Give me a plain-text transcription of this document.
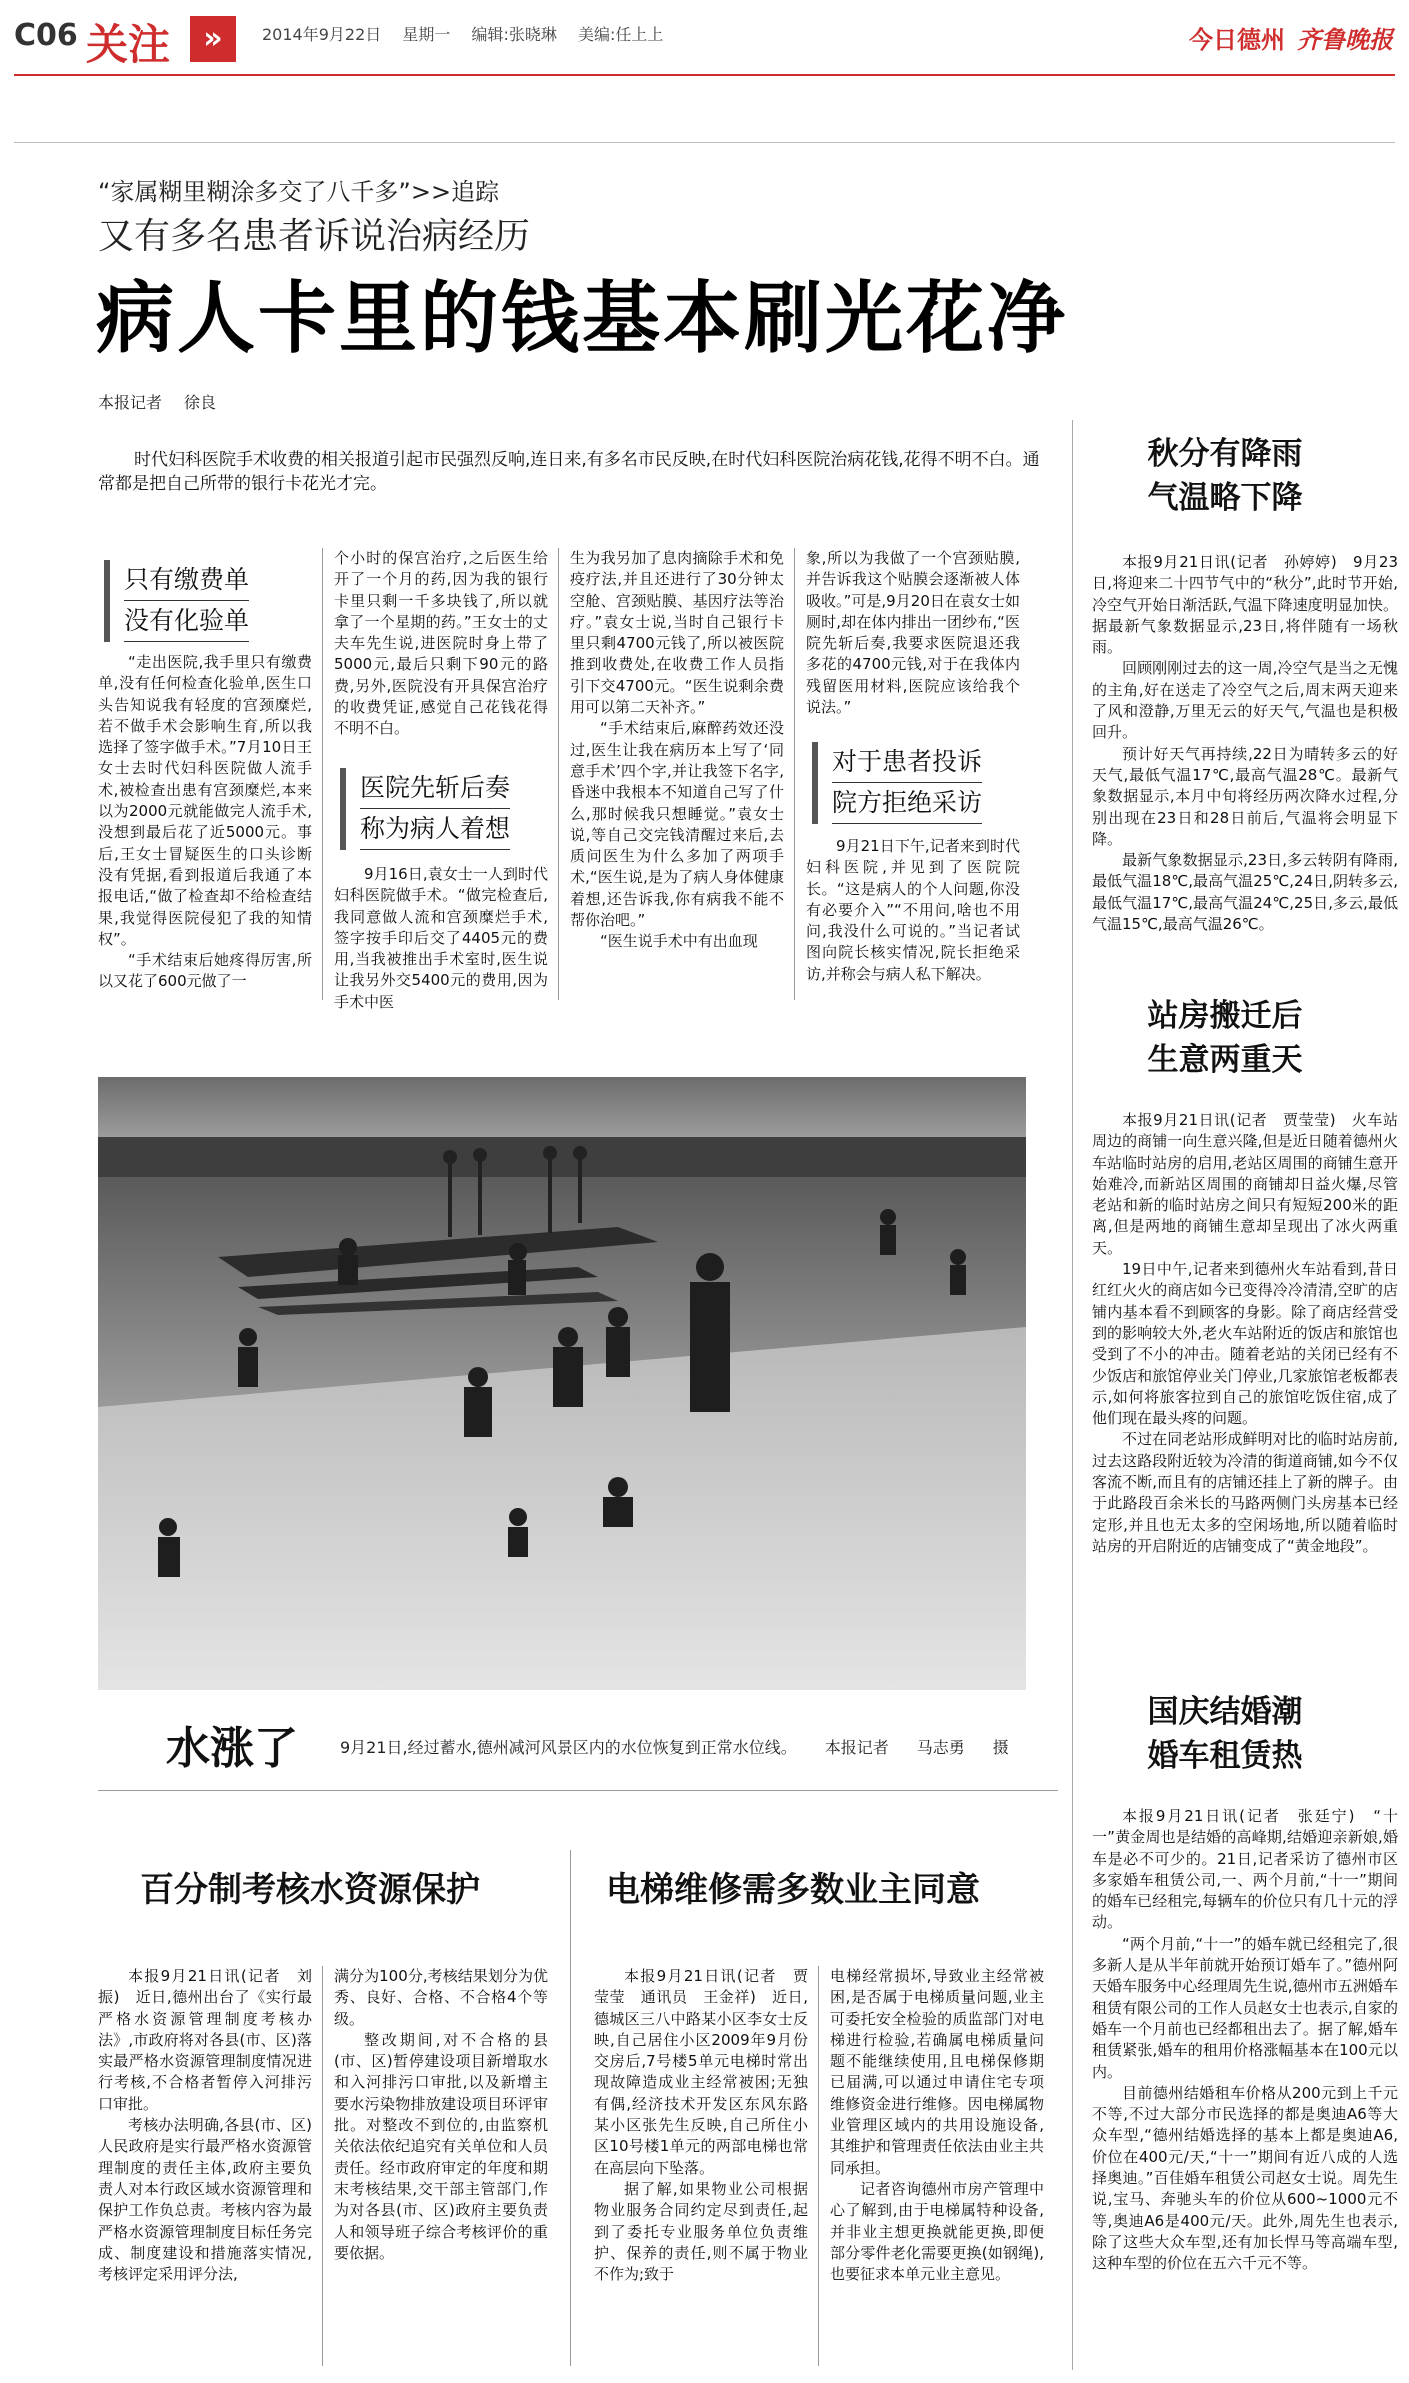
C06 关注	»	2014年9月22日 星期一 编辑:张晓琳 美编:任上上	今日德州 齐鲁晚报
“家属糊里糊涂多交了八千多”>>追踪
又有多名患者诉说治病经历
病人卡里的钱基本刷光花净
本报记者 徐良
时代妇科医院手术收费的相关报道引起市民强烈反响,连日来,有多名市民反映,在时代妇科医院治病花钱,花得不明不白。通常都是把自己所带的银行卡花光才完。
只有缴费单
没有化验单

“走出医院,我手里只有缴费单,没有任何检查化验单,医生口头告知说我有轻度的宫颈糜烂,若不做手术会影响生育,所以我选择了签字做手术。”7月10日王女士去时代妇科医院做人流手术,被检查出患有宫颈糜烂,本来以为2000元就能做完人流手术,没想到最后花了近5000元。事后,王女士冒疑医生的口头诊断没有凭据,看到报道后我通了本报电话,“做了检查却不给检查结果,我觉得医院侵犯了我的知情权”。

“手术结束后她疼得厉害,所以又花了600元做了一

个小时的保宫治疗,之后医生给开了一个月的药,因为我的银行卡里只剩一千多块钱了,所以就拿了一个星期的药。”王女士的丈夫车先生说,进医院时身上带了5000元,最后只剩下90元的路费,另外,医院没有开具保宫治疗的收费凭证,感觉自己花钱花得不明不白。

医院先斩后奏
称为病人着想

9月16日,袁女士一人到时代妇科医院做手术。“做完检查后,我同意做人流和宫颈糜烂手术,签字按手印后交了4405元的费用,当我被推出手术室时,医生说让我另外交5400元的费用,因为手术中医

生为我另加了息肉摘除手术和免疫疗法,并且还进行了30分钟太空舱、宫颈贴膜、基因疗法等治疗。”袁女士说,当时自己银行卡里只剩4700元钱了,所以被医院推到收费处,在收费工作人员指引下交4700元。“医生说剩余费用可以第二天补齐。”

“手术结束后,麻醉药效还没过,医生让我在病历本上写了‘同意手术’四个字,并让我签下名字,昏迷中我根本不知道自己写了什么,那时候我只想睡觉。”袁女士说,等自己交完钱清醒过来后,去质问医生为什么多加了两项手术,“医生说,是为了病人身体健康着想,还告诉我,你有病我不能不帮你治吧。”

“医生说手术中有出血现

象,所以为我做了一个宫颈贴膜,并告诉我这个贴膜会逐渐被人体吸收。”可是,9月20日在袁女士如厕时,却在体内排出一团纱布,“医院先斩后奏,我要求医院退还我多花的4700元钱,对于在我体内残留医用材料,医院应该给我个说法。”

对于患者投诉
院方拒绝采访

9月21日下午,记者来到时代妇科医院,并见到了医院院长。“这是病人的个人问题,你没有必要介入”“不用问,啥也不用问,我没什么可说的。”当记者试图向院长核实情况,院长拒绝采访,并称会与病人私下解决。

水涨了	9月21日,经过蓄水,德州减河风景区内的水位恢复到正常水位线。 本报记者 马志勇 摄
秋分有降雨
气温略下降

本报9月21日讯(记者　孙婷婷)　9月23日,将迎来二十四节气中的“秋分”,此时节开始,冷空气开始日渐活跃,气温下降速度明显加快。据最新气象数据显示,23日,将伴随有一场秋雨。

回顾刚刚过去的这一周,冷空气是当之无愧的主角,好在送走了冷空气之后,周末两天迎来了风和澄静,万里无云的好天气,气温也是积极回升。

预计好天气再持续,22日为晴转多云的好天气,最低气温17℃,最高气温28℃。最新气象数据显示,本月中旬将经历两次降水过程,分别出现在23日和28日前后,气温将会明显下降。

最新气象数据显示,23日,多云转阴有降雨,最低气温18℃,最高气温25℃,24日,阴转多云,最低气温17℃,最高气温24℃,25日,多云,最低气温15℃,最高气温26℃。

站房搬迁后
生意两重天

本报9月21日讯(记者　贾莹莹)　火车站周边的商铺一向生意兴隆,但是近日随着德州火车站临时站房的启用,老站区周围的商铺生意开始难冷,而新站区周围的商铺却日益火爆,尽管老站和新的临时站房之间只有短短200米的距离,但是两地的商铺生意却呈现出了冰火两重天。

19日中午,记者来到德州火车站看到,昔日红红火火的商店如今已变得冷冷清清,空旷的店铺内基本看不到顾客的身影。除了商店经营受到的影响较大外,老火车站附近的饭店和旅馆也受到了不小的冲击。随着老站的关闭已经有不少饭店和旅馆停业关门停业,几家旅馆老板都表示,如何将旅客拉到自己的旅馆吃饭住宿,成了他们现在最头疼的问题。

不过在同老站形成鲜明对比的临时站房前,过去这路段附近较为冷清的街道商铺,如今不仅客流不断,而且有的店铺还挂上了新的牌子。由于此路段百余米长的马路两侧门头房基本已经定形,并且也无太多的空闲场地,所以随着临时站房的开启附近的店铺变成了“黄金地段”。

国庆结婚潮
婚车租赁热

本报9月21日讯(记者　张廷宁)　“十一”黄金周也是结婚的高峰期,结婚迎亲新娘,婚车是必不可少的。21日,记者采访了德州市区多家婚车租赁公司,一、两个月前,“十一”期间的婚车已经租完,每辆车的价位只有几十元的浮动。

“两个月前,“十一”的婚车就已经租完了,很多新人是从半年前就开始预订婚车了。”德州阿天婚车服务中心经理周先生说,德州市五洲婚车租赁有限公司的工作人员赵女士也表示,自家的婚车一个月前也已经都租出去了。据了解,婚车租赁紧张,婚车的租用价格涨幅基本在100元以内。

目前德州结婚租车价格从200元到上千元不等,不过大部分市民选择的都是奥迪A6等大众车型,“德州结婚选择的基本上都是奥迪A6,价位在400元/天,“十一”期间有近八成的人选择奥迪。”百佳婚车租赁公司赵女士说。周先生说,宝马、奔驰头车的价位从600~1000元不等,奥迪A6是400元/天。此外,周先生也表示,除了这些大众车型,还有加长悍马等高端车型,这种车型的价位在五六千元不等。

百分制考核水资源保护

本报9月21日讯(记者　刘振)　近日,德州出台了《实行最严格水资源管理制度考核办法》,市政府将对各县(市、区)落实最严格水资源管理制度情况进行考核,不合格者暂停入河排污口审批。

考核办法明确,各县(市、区)人民政府是实行最严格水资源管理制度的责任主体,政府主要负责人对本行政区域水资源管理和保护工作负总责。考核内容为最严格水资源管理制度目标任务完成、制度建设和措施落实情况,考核评定采用评分法,

满分为100分,考核结果划分为优秀、良好、合格、不合格4个等级。

整改期间,对不合格的县(市、区)暂停建设项目新增取水和入河排污口审批,以及新增主要水污染物排放建设项目环评审批。对整改不到位的,由监察机关依法依纪追究有关单位和人员责任。经市政府审定的年度和期末考核结果,交干部主管部门,作为对各县(市、区)政府主要负责人和领导班子综合考核评价的重要依据。

电梯维修需多数业主同意

本报9月21日讯(记者　贾莹莹　通讯员　王金祥)　近日,德城区三八中路某小区李女士反映,自己居住小区2009年9月份交房后,7号楼5单元电梯时常出现故障造成业主经常被困;无独有偶,经济技术开发区东风东路某小区张先生反映,自己所住小区10号楼1单元的两部电梯也常在高层向下坠落。

据了解,如果物业公司根据物业服务合同约定尽到责任,起到了委托专业服务单位负责维护、保养的责任,则不属于物业不作为;致于

电梯经常损坏,导致业主经常被困,是否属于电梯质量问题,业主可委托安全检验的质监部门对电梯进行检验,若确属电梯质量问题不能继续使用,且电梯保修期已届满,可以通过申请住宅专项维修资金进行维修。因电梯属物业管理区域内的共用设施设备,其维护和管理责任依法由业主共同承担。

记者咨询德州市房产管理中心了解到,由于电梯属特种设备,并非业主想更换就能更换,即便部分零件老化需要更换(如钢绳),也要征求本单元业主意见。
